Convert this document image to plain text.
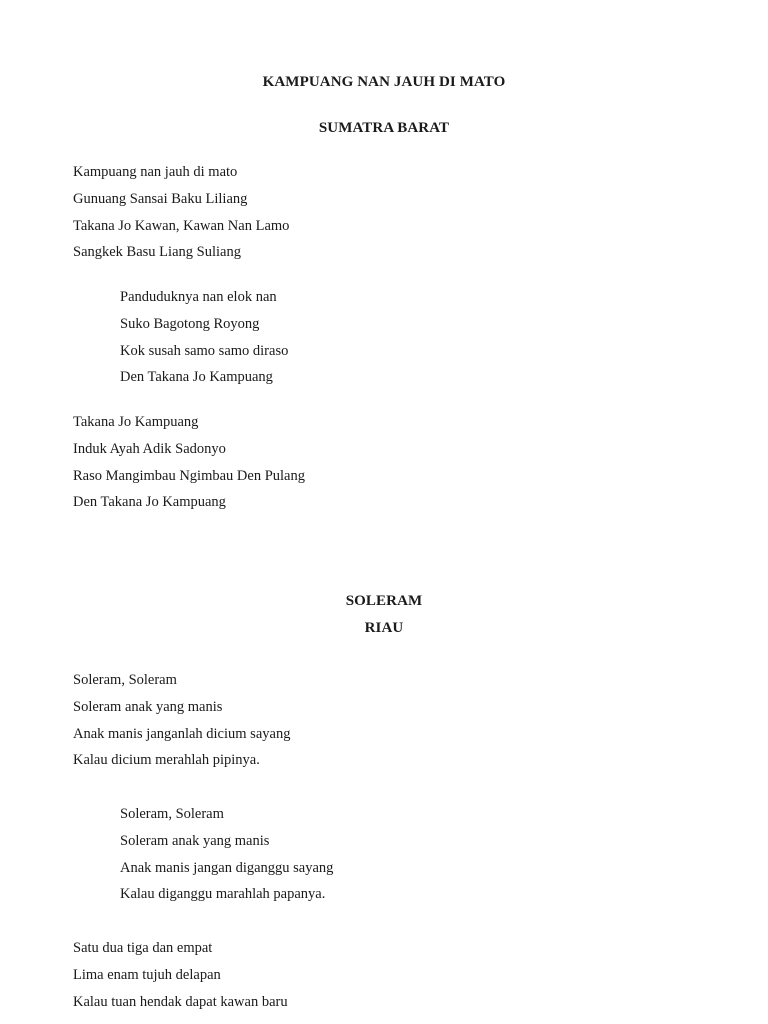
KAMPUANG NAN JAUH DI MATO
SUMATRA BARAT
Kampuang nan jauh di mato
Gunuang Sansai Baku Liliang
Takana Jo Kawan, Kawan Nan Lamo
Sangkek Basu Liang Suliang
Panduduknya nan elok nan
Suko Bagotong Royong
Kok susah samo samo diraso
Den Takana Jo Kampuang
Takana Jo Kampuang
Induk Ayah Adik Sadonyo
Raso Mangimbau Ngimbau Den Pulang
Den Takana Jo Kampuang
SOLERAM
RIAU
Soleram, Soleram
Soleram anak yang manis
Anak manis janganlah dicium sayang
Kalau dicium merahlah pipinya.
Soleram, Soleram
Soleram anak yang manis
Anak manis jangan diganggu sayang
Kalau diganggu marahlah papanya.
Satu dua tiga dan empat
Lima enam tujuh delapan
Kalau tuan hendak dapat kawan baru
